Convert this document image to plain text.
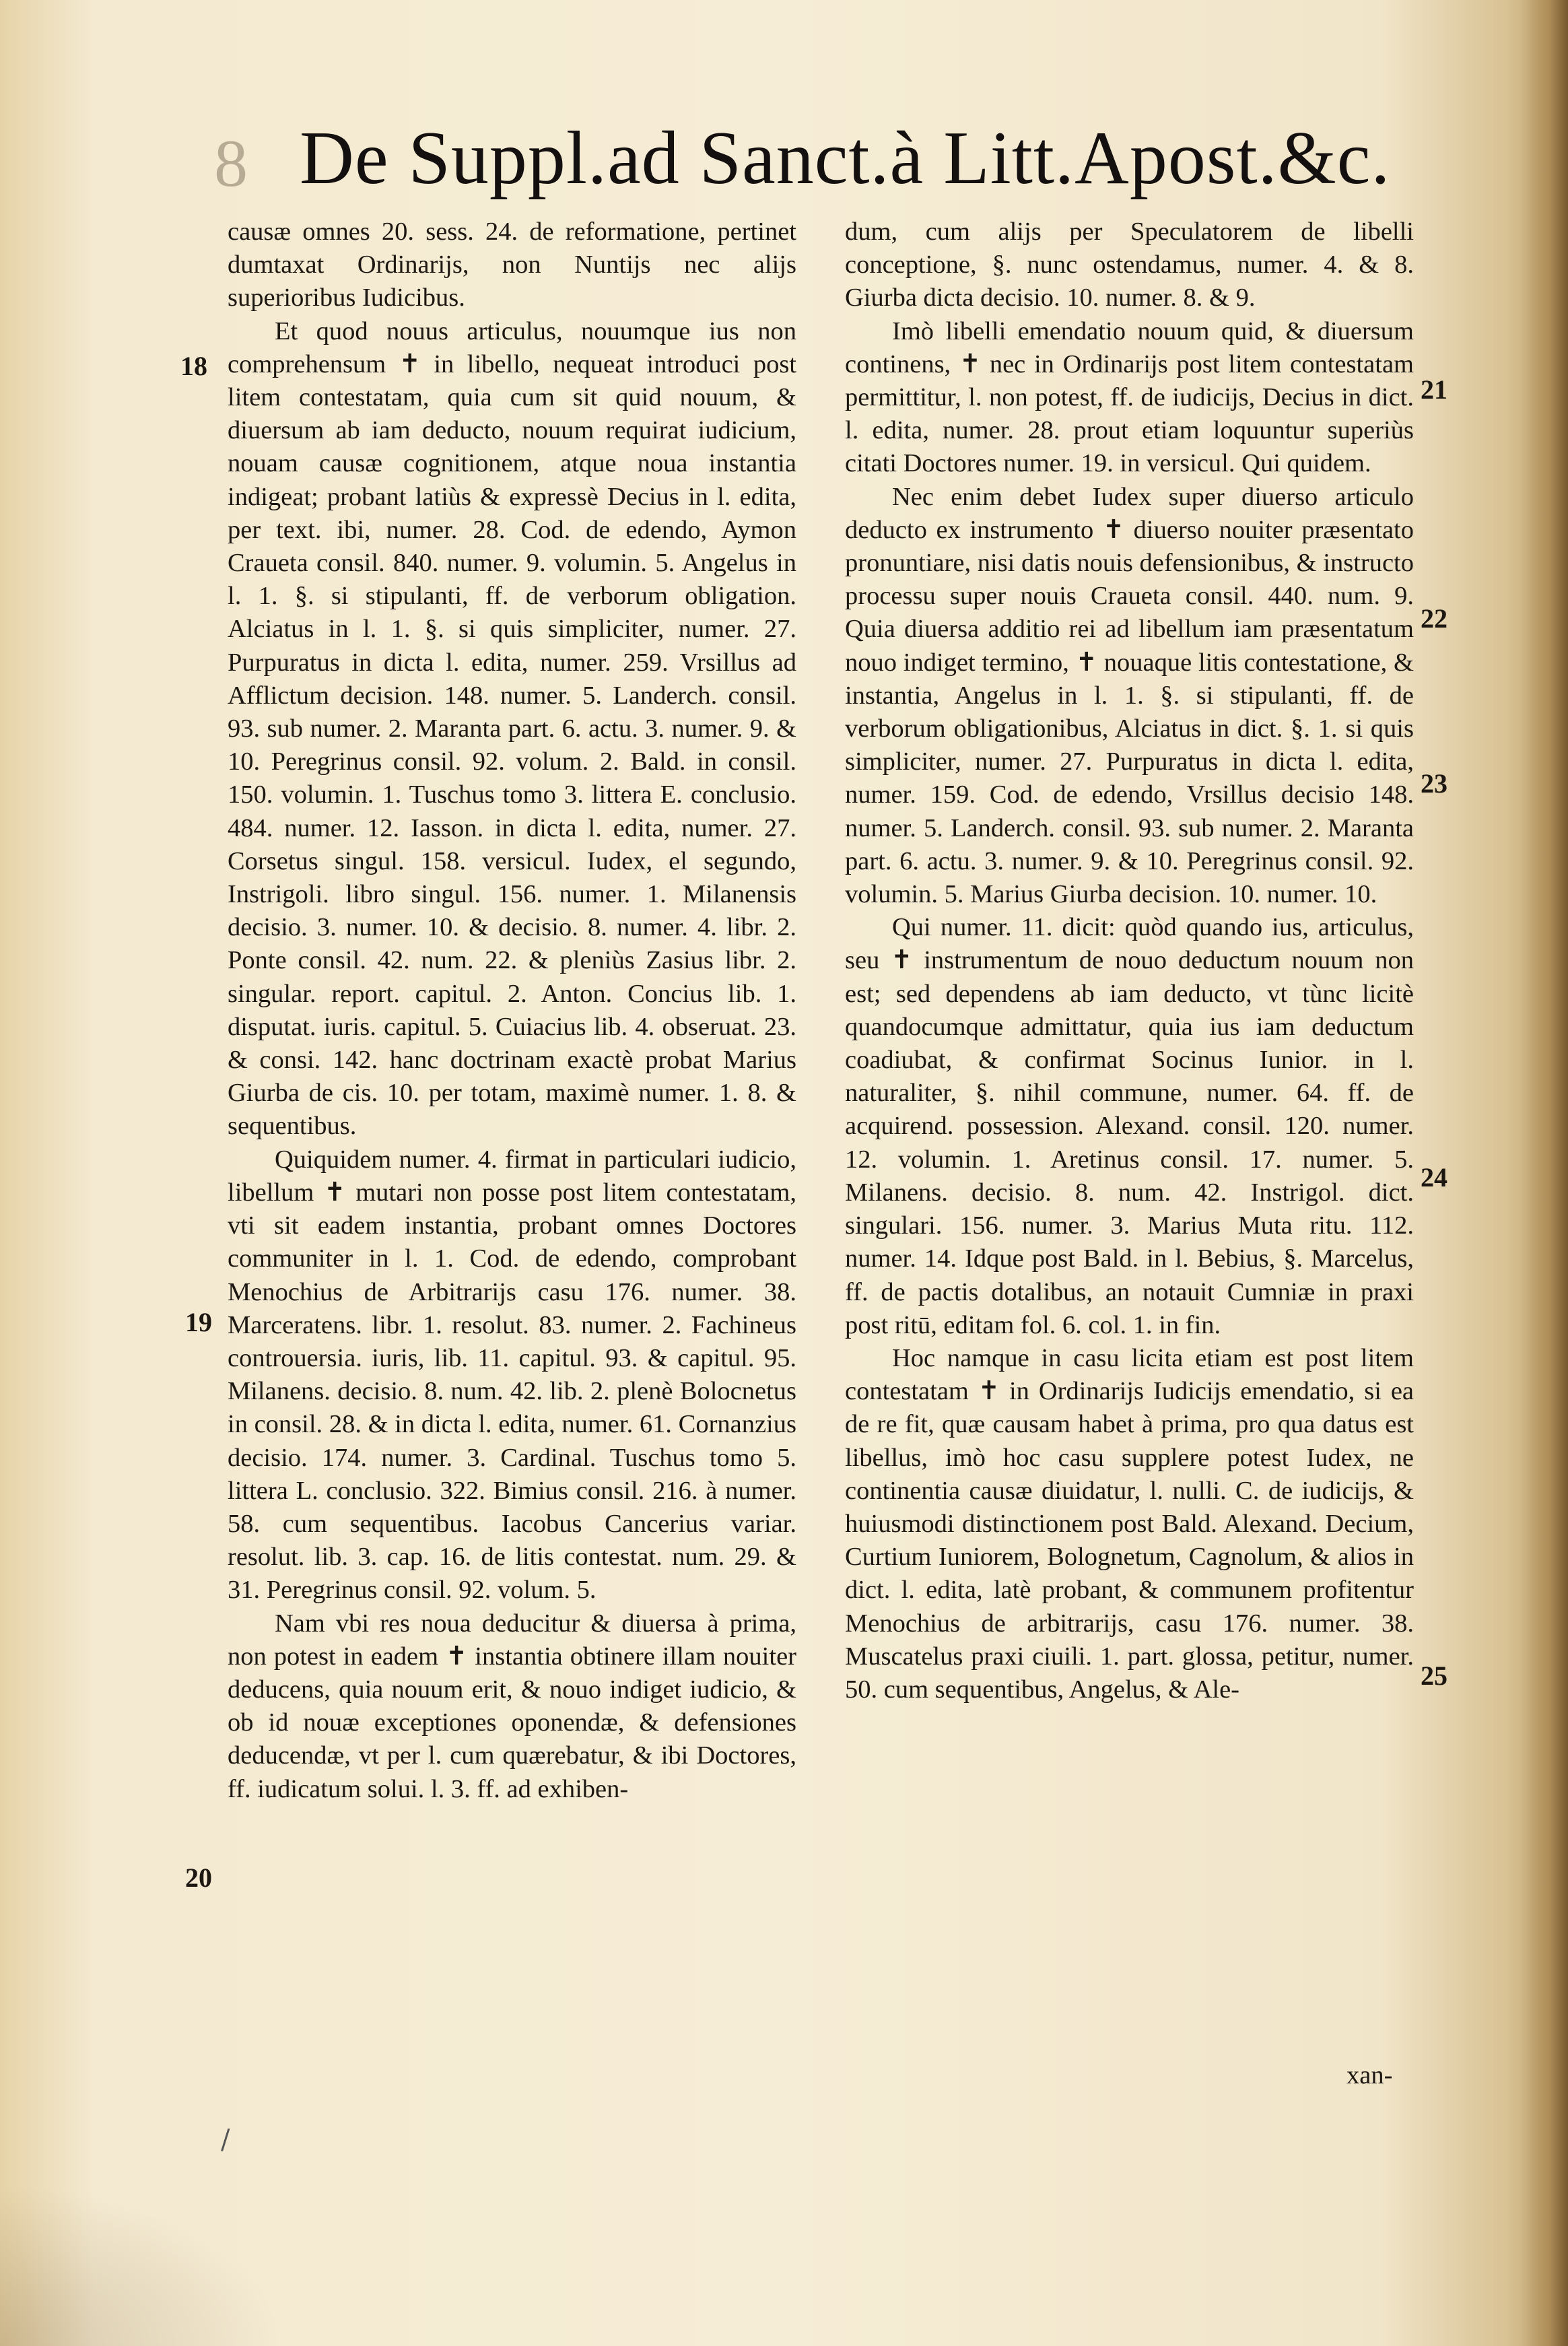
8 De Suppl.ad Sanct.à Litt.Apost.&c.

causæ omnes 20. sess. 24. de reformatione, pertinet dumtaxat Ordinarijs, non Nuntijs nec alijs superioribus Iudicibus.

Et quod nouus articulus, nouumque ius non comprehensum ✝ in libello, nequeat introduci post litem contestatam, quia cum sit quid nouum, & diuersum ab iam deducto, nouum requirat iudicium, nouam causæ cognitionem, atque noua instantia indigeat; probant latiùs & expressè Decius in l. edita, per text. ibi, numer. 28. Cod. de edendo, Aymon Craueta consil. 840. numer. 9. volumin. 5. Angelus in l. 1. §. si stipulanti, ff. de verborum obligation. Alciatus in l. 1. §. si quis simpliciter, numer. 27. Purpuratus in dicta l. edita, numer. 259. Vrsillus ad Afflictum decision. 148. numer. 5. Landerch. consil. 93. sub numer. 2. Maranta part. 6. actu. 3. numer. 9. & 10. Peregrinus consil. 92. volum. 2. Bald. in consil. 150. volumin. 1. Tuschus tomo 3. littera E. conclusio. 484. numer. 12. Iasson. in dicta l. edita, numer. 27. Corsetus singul. 158. versicul. Iudex, el segundo, Instrigoli. libro singul. 156. numer. 1. Milanensis decisio. 3. numer. 10. & decisio. 8. numer. 4. libr. 2. Ponte consil. 42. num. 22. & pleniùs Zasius libr. 2. singular. report. capitul. 2. Anton. Concius lib. 1. disputat. iuris. capitul. 5. Cuiacius lib. 4. obseruat. 23. & consi. 142. hanc doctrinam exactè probat Marius Giurba de cis. 10. per totam, maximè numer. 1. 8. & sequentibus.

Quiquidem numer. 4. firmat in particulari iudicio, libellum ✝ mutari non posse post litem contestatam, vti sit eadem instantia, probant omnes Doctores communiter in l. 1. Cod. de edendo, comprobant Menochius de Arbitrarijs casu 176. numer. 38. Marceratens. libr. 1. resolut. 83. numer. 2. Fachineus controuersia. iuris, lib. 11. capitul. 93. & capitul. 95. Milanens. decisio. 8. num. 42. lib. 2. plenè Bolocnetus in consil. 28. & in dicta l. edita, numer. 61. Cornanzius decisio. 174. numer. 3. Cardinal. Tuschus tomo 5. littera L. conclusio. 322. Bimius consil. 216. à numer. 58. cum sequentibus. Iacobus Cancerius variar. resolut. lib. 3. cap. 16. de litis contestat. num. 29. & 31. Peregrinus consil. 92. volum. 5.

Nam vbi res noua deducitur & diuersa à prima, non potest in eadem ✝ instantia obtinere illam nouiter deducens, quia nouum erit, & nouo indiget iudicio, & ob id nouæ exceptiones oponendæ, & defensiones deducendæ, vt per l. cum quærebatur, & ibi Doctores, ff. iudicatum solui. l. 3. ff. ad exhiben-

dum, cum alijs per Speculatorem de libelli conceptione, §. nunc ostendamus, numer. 4. & 8. Giurba dicta decisio. 10. numer. 8. & 9.

Imò libelli emendatio nouum quid, & diuersum continens, ✝ nec in Ordinarijs post litem contestatam permittitur, l. non potest, ff. de iudicijs, Decius in dict. l. edita, numer. 28. prout etiam loquuntur superiùs citati Doctores numer. 19. in versicul. Qui quidem.

Nec enim debet Iudex super diuerso articulo deducto ex instrumento ✝ diuerso nouiter præsentato pronuntiare, nisi datis nouis defensionibus, & instructo processu super nouis Craueta consil. 440. num. 9. Quia diuersa additio rei ad libellum iam præsentatum nouo indiget termino, ✝ nouaque litis contestatione, & instantia, Angelus in l. 1. §. si stipulanti, ff. de verborum obligationibus, Alciatus in dict. §. 1. si quis simpliciter, numer. 27. Purpuratus in dicta l. edita, numer. 159. Cod. de edendo, Vrsillus decisio 148. numer. 5. Landerch. consil. 93. sub numer. 2. Maranta part. 6. actu. 3. numer. 9. & 10. Peregrinus consil. 92. volumin. 5. Marius Giurba decision. 10. numer. 10.

Qui numer. 11. dicit: quòd quando ius, articulus, seu ✝ instrumentum de nouo deductum nouum non est; sed dependens ab iam deducto, vt tùnc licitè quandocumque admittatur, quia ius iam deductum coadiubat, & confirmat Socinus Iunior. in l. naturaliter, §. nihil commune, numer. 64. ff. de acquirend. possession. Alexand. consil. 120. numer. 12. volumin. 1. Aretinus consil. 17. numer. 5. Milanens. decisio. 8. num. 42. Instrigol. dict. singulari. 156. numer. 3. Marius Muta ritu. 112. numer. 14. Idque post Bald. in l. Bebius, §. Marcelus, ff. de pactis dotalibus, an notauit Cumniæ in praxi post ritū, editam fol. 6. col. 1. in fin.

Hoc namque in casu licita etiam est post litem contestatam ✝ in Ordinarijs Iudicijs emendatio, si ea de re fit, quæ causam habet à prima, pro qua datus est libellus, imò hoc casu supplere potest Iudex, ne continentia causæ diuidatur, l. nulli. C. de iudicijs, & huiusmodi distinctionem post Bald. Alexand. Decium, Curtium Iuniorem, Bolognetum, Cagnolum, & alios in dict. l. edita, latè probant, & communem profitentur Menochius de arbitrarijs, casu 176. numer. 38. Muscatelus praxi ciuili. 1. part. glossa, petitur, numer. 50. cum sequentibus, Angelus, & Ale-

18
19
20
21
22
23
24
25
xan-
/
